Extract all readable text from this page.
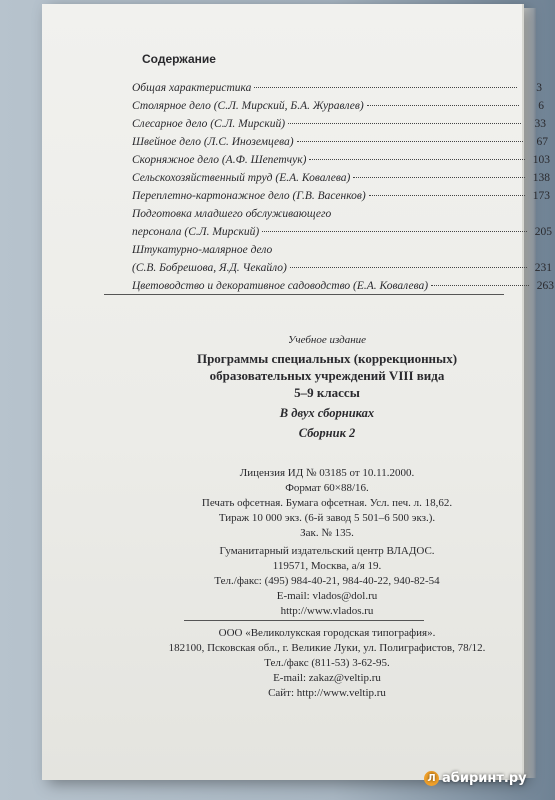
Содержание
Общая характеристика	3
Столярное дело (С.Л. Мирский, Б.А. Журавлев)	6
Слесарное дело (С.Л. Мирский)	33
Швейное дело (Л.С. Иноземцева)	67
Скорняжное дело (А.Ф. Шепетчук)	103
Сельскохозяйственный труд (Е.А. Ковалева)	138
Переплетно-картонажное дело (Г.В. Васенков)	173
Подготовка младшего обслуживающего
персонала (С.Л. Мирский)	205
Штукатурно-малярное дело
(С.В. Бобрешова, Я.Д. Чекайло)	231
Цветоводство и декоративное садоводство (Е.А. Ковалева)	263
Учебное издание
Программы специальных (коррекционных)
образовательных учреждений VIII вида
5–9 классы
В двух сборниках
Сборник 2
Лицензия ИД № 03185 от 10.11.2000.
Формат 60×88/16.
Печать офсетная. Бумага офсетная. Усл. печ. л. 18,62.
Тираж 10 000 экз. (6-й завод 5 501–6 500 экз.).
Зак. № 135.
Гуманитарный издательский центр ВЛАДОС.
119571, Москва, а/я 19.
Тел./факс: (495) 984-40-21, 984-40-22, 940-82-54
E-mail: vlados@dol.ru
http://www.vlados.ru
ООО «Великолукская городская типография».
182100, Псковская обл., г. Великие Луки, ул. Полиграфистов, 78/12.
Тел./факс (811-53) 3-62-95.
E-mail: zakaz@veltip.ru
Сайт: http://www.veltip.ru
Л абиринт.ру
